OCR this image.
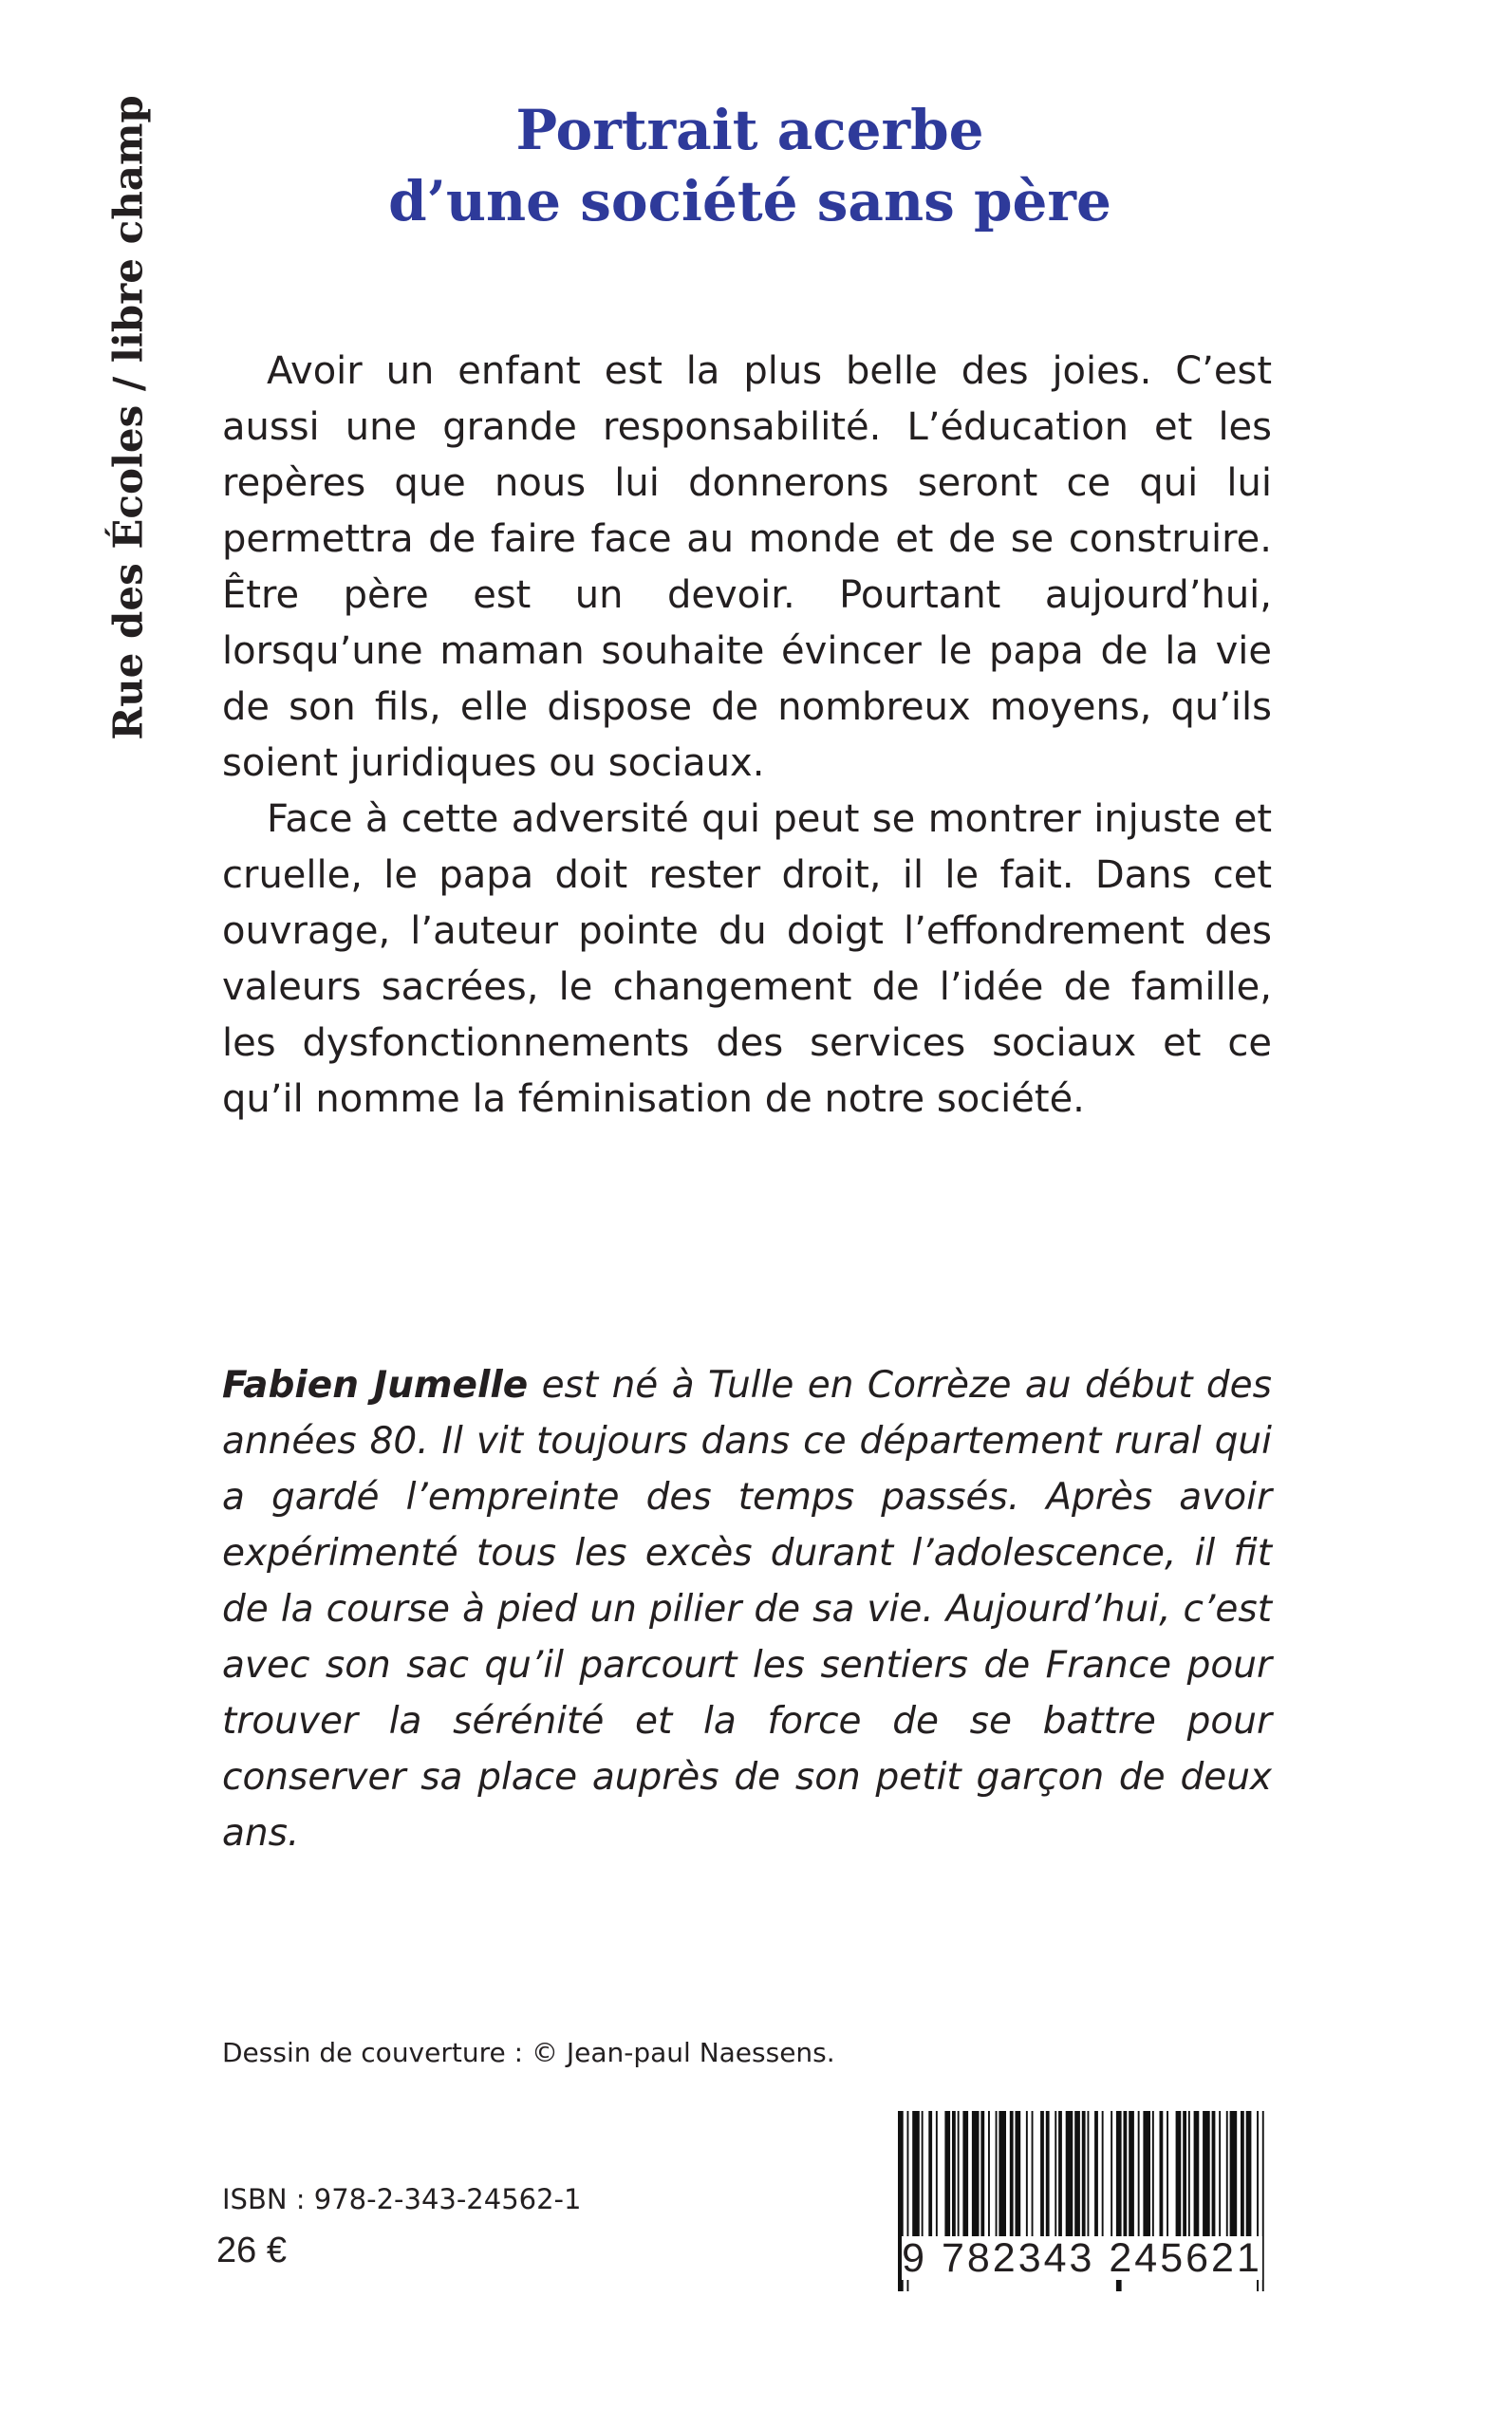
Rue des Écoles / libre champ	Portrait acerbe
d’une société sans père

Avoir un enfant est la plus belle des joies. C’est aussi une grande responsabilité. L’éducation et les repères que nous lui donnerons seront ce qui lui permettra de faire face au monde et de se construire. Être père est un devoir. Pourtant aujourd’hui, lorsqu’une maman souhaite évincer le papa de la vie de son fils, elle dispose de nombreux moyens, qu’ils soient juridiques ou sociaux.

Face à cette adversité qui peut se montrer injuste et cruelle, le papa doit rester droit, il le fait. Dans cet ouvrage, l’auteur pointe du doigt l’effondrement des valeurs sacrées, le changement de l’idée de famille, les dysfonctionnements des services sociaux et ce qu’il nomme la féminisation de notre société.

Fabien Jumelle est né à Tulle en Corrèze au début des années 80. Il vit toujours dans ce département rural qui a gardé l’empreinte des temps passés. Après avoir expérimenté tous les excès durant l’adolescence, il fit de la course à pied un pilier de sa vie. Aujourd’hui, c’est avec son sac qu’il parcourt les sentiers de France pour trouver la sérénité et la force de se battre pour conserver sa place auprès de son petit garçon de deux ans.

Dessin de couverture : © Jean-paul Naessens.
ISBN : 978-2-343-24562-1
26 €	9 782343 245621
